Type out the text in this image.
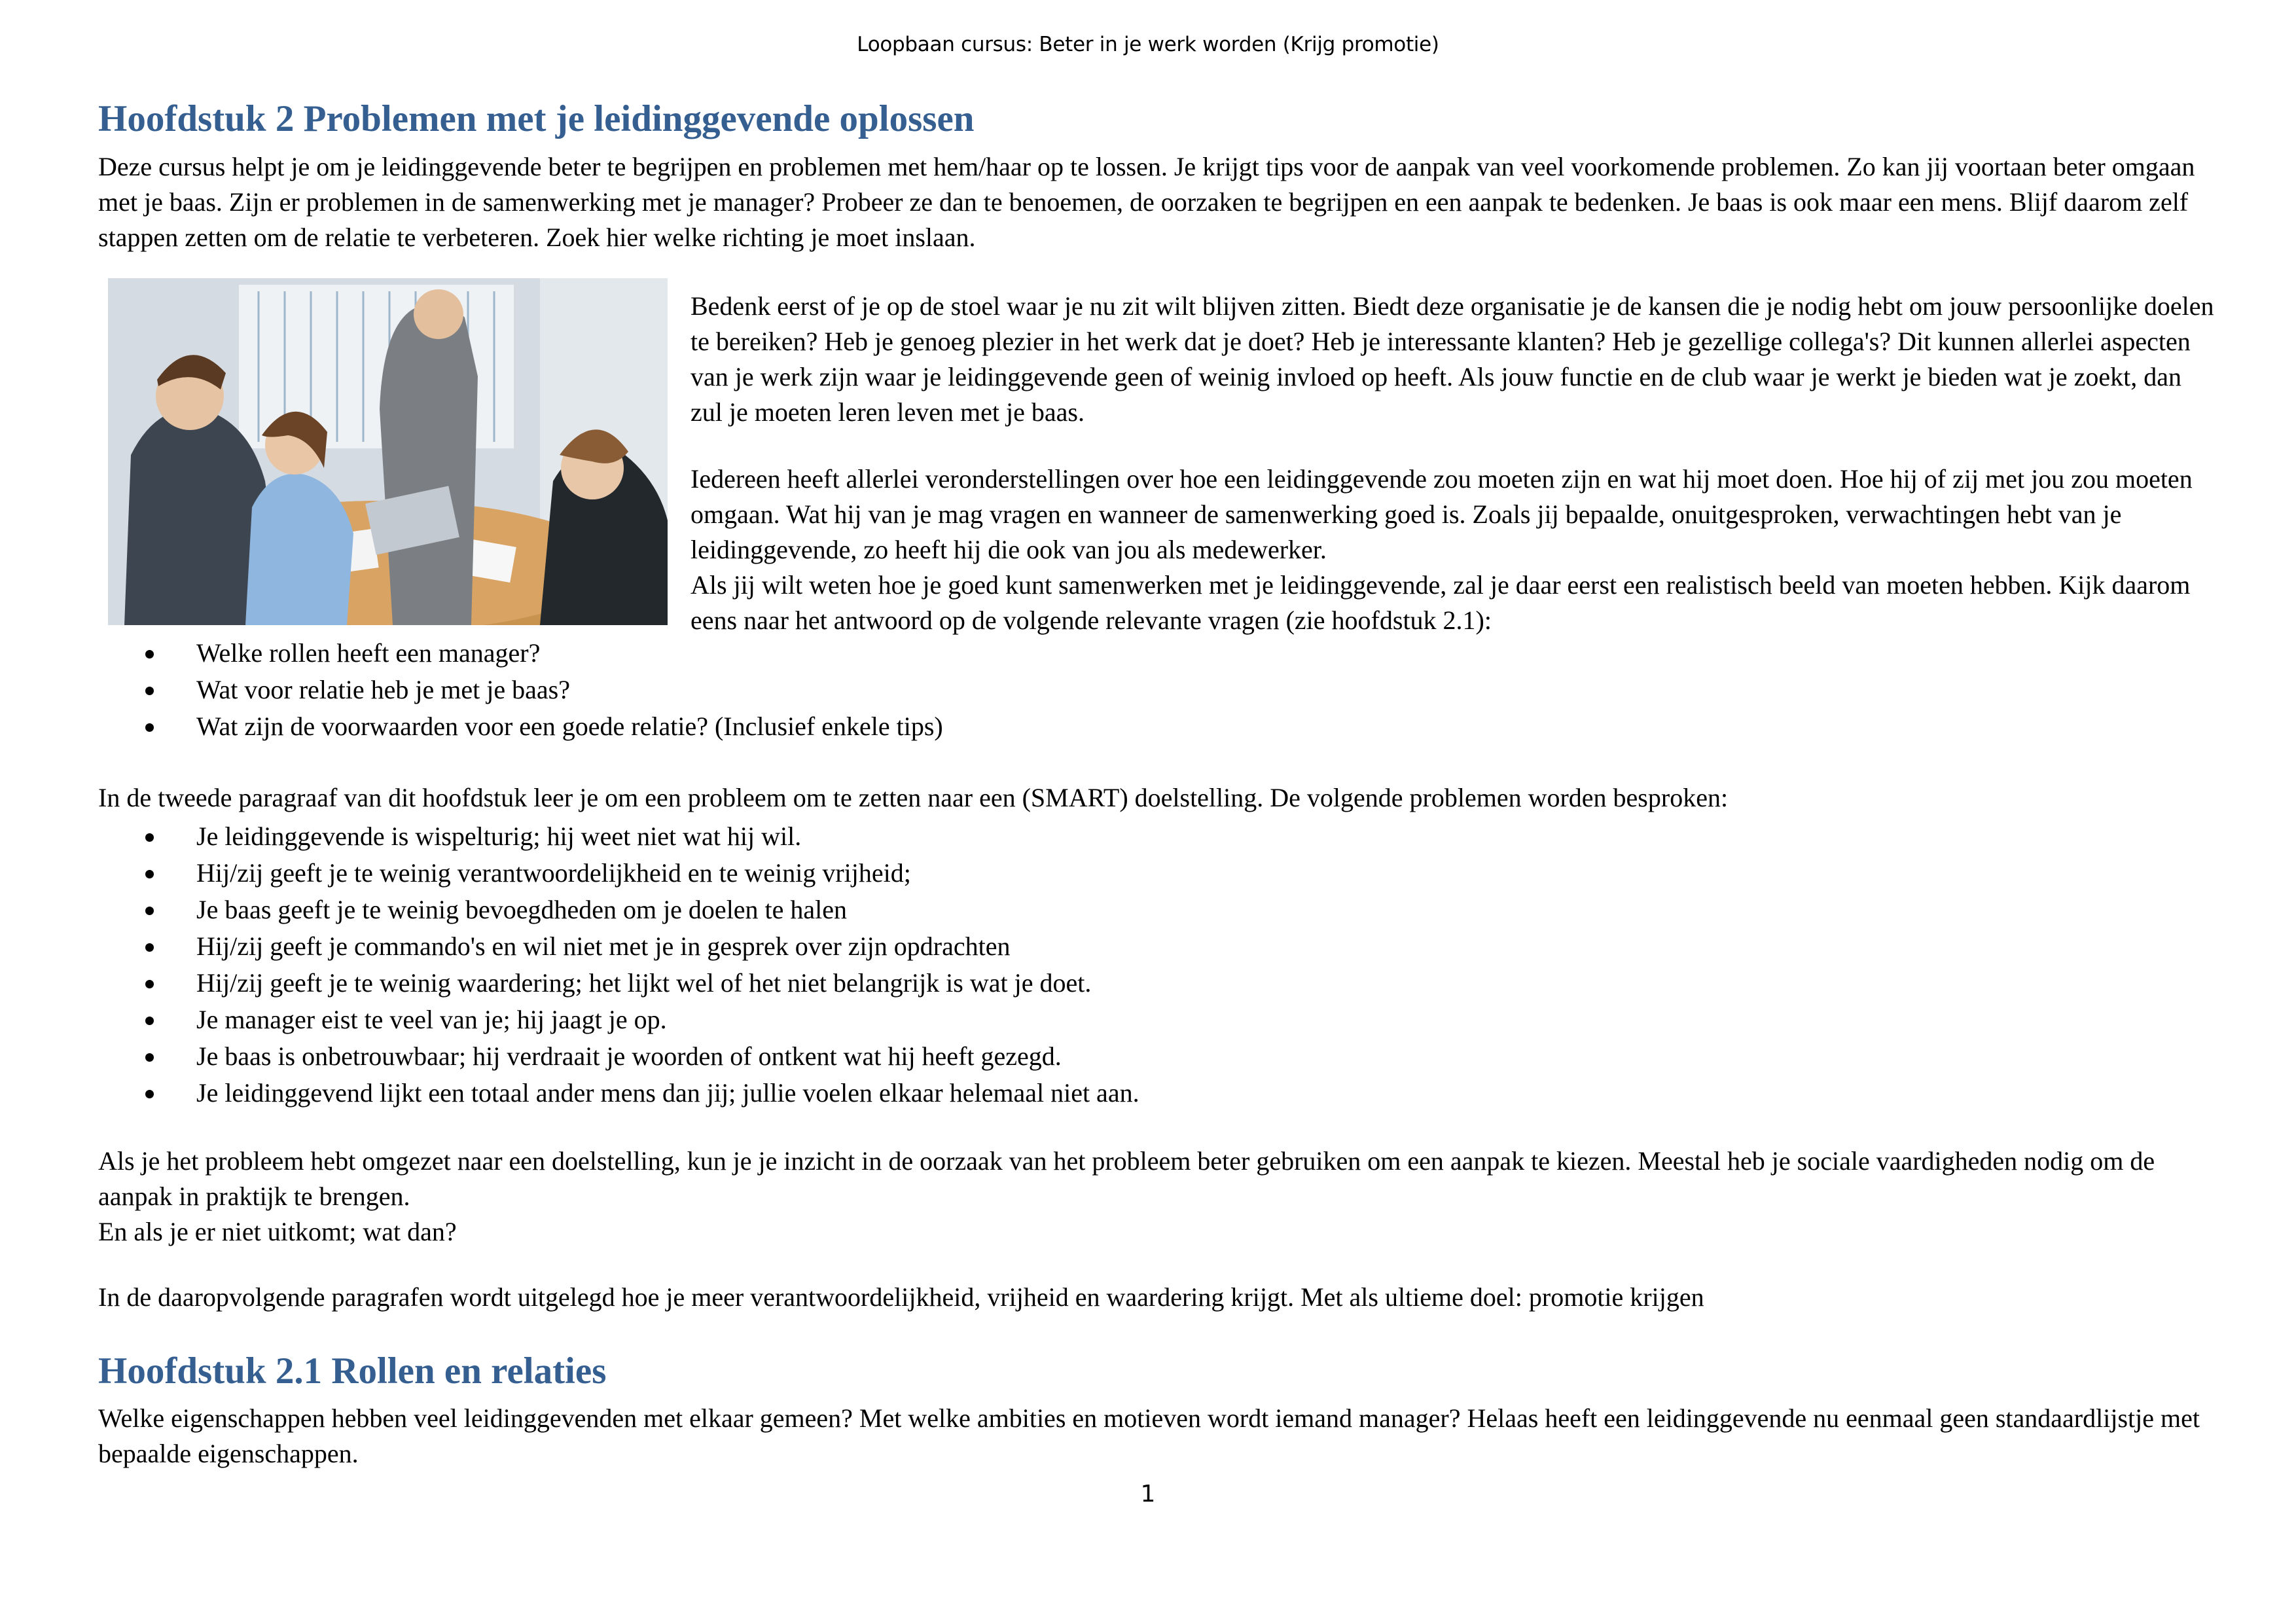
Loopbaan cursus: Beter in je werk worden (Krijg promotie)
Hoofdstuk 2 Problemen met je leidinggevende oplossen

Deze cursus helpt je om je leidinggevende beter te begrijpen en problemen met hem/haar op te lossen. Je krijgt tips voor de aanpak van veel voorkomende problemen. Zo kan jij voortaan beter omgaan met je baas. Zijn er problemen in de samenwerking met je manager? Probeer ze dan te benoemen, de oorzaken te begrijpen en een aanpak te bedenken. Je baas is ook maar een mens. Blijf daarom zelf stappen zetten om de relatie te verbeteren. Zoek hier welke richting je moet inslaan.

Bedenk eerst of je op de stoel waar je nu zit wilt blijven zitten. Biedt deze organisatie je de kansen die je nodig hebt om jouw persoonlijke doelen te bereiken? Heb je genoeg plezier in het werk dat je doet? Heb je interessante klanten? Heb je gezellige collega's? Dit kunnen allerlei aspecten van je werk zijn waar je leidinggevende geen of weinig invloed op heeft. Als jouw functie en de club waar je werkt je bieden wat je zoekt, dan zul je moeten leren leven met je baas.

Iedereen heeft allerlei veronderstellingen over hoe een leidinggevende zou moeten zijn en wat hij moet doen. Hoe hij of zij met jou zou moeten omgaan. Wat hij van je mag vragen en wanneer de samenwerking goed is. Zoals jij bepaalde, onuitgesproken, verwachtingen hebt van je leidinggevende, zo heeft hij die ook van jou als medewerker.
Als jij wilt weten hoe je goed kunt samenwerken met je leidinggevende, zal je daar eerst een realistisch beeld van moeten hebben. Kijk daarom eens naar het antwoord op de volgende relevante vragen (zie hoofdstuk 2.1):
Welke rollen heeft een manager?
Wat voor relatie heb je met je baas?
Wat zijn de voorwaarden voor een goede relatie? (Inclusief enkele tips)

In de tweede paragraaf van dit hoofdstuk leer je om een probleem om te zetten naar een (SMART) doelstelling. De volgende problemen worden besproken:

Je leidinggevende is wispelturig; hij weet niet wat hij wil.
Hij/zij geeft je te weinig verantwoordelijkheid en te weinig vrijheid;
Je baas geeft je te weinig bevoegdheden om je doelen te halen
Hij/zij geeft je commando's en wil niet met je in gesprek over zijn opdrachten
Hij/zij geeft je te weinig waardering; het lijkt wel of het niet belangrijk is wat je doet.
Je manager eist te veel van je; hij jaagt je op.
Je baas is onbetrouwbaar; hij verdraait je woorden of ontkent wat hij heeft gezegd.
Je leidinggevend lijkt een totaal ander mens dan jij; jullie voelen elkaar helemaal niet aan.
Als je het probleem hebt omgezet naar een doelstelling, kun je je inzicht in de oorzaak van het probleem beter gebruiken om een aanpak te kiezen. Meestal heb je sociale vaardigheden nodig om de aanpak in praktijk te brengen.
En als je er niet uitkomt; wat dan?

In de daaropvolgende paragrafen wordt uitgelegd hoe je meer verantwoordelijkheid, vrijheid en waardering krijgt. Met als ultieme doel: promotie krijgen

Hoofdstuk 2.1 Rollen en relaties

Welke eigenschappen hebben veel leidinggevenden met elkaar gemeen? Met welke ambities en motieven wordt iemand manager? Helaas heeft een leidinggevende nu eenmaal geen standaardlijstje met bepaalde eigenschappen.

1
